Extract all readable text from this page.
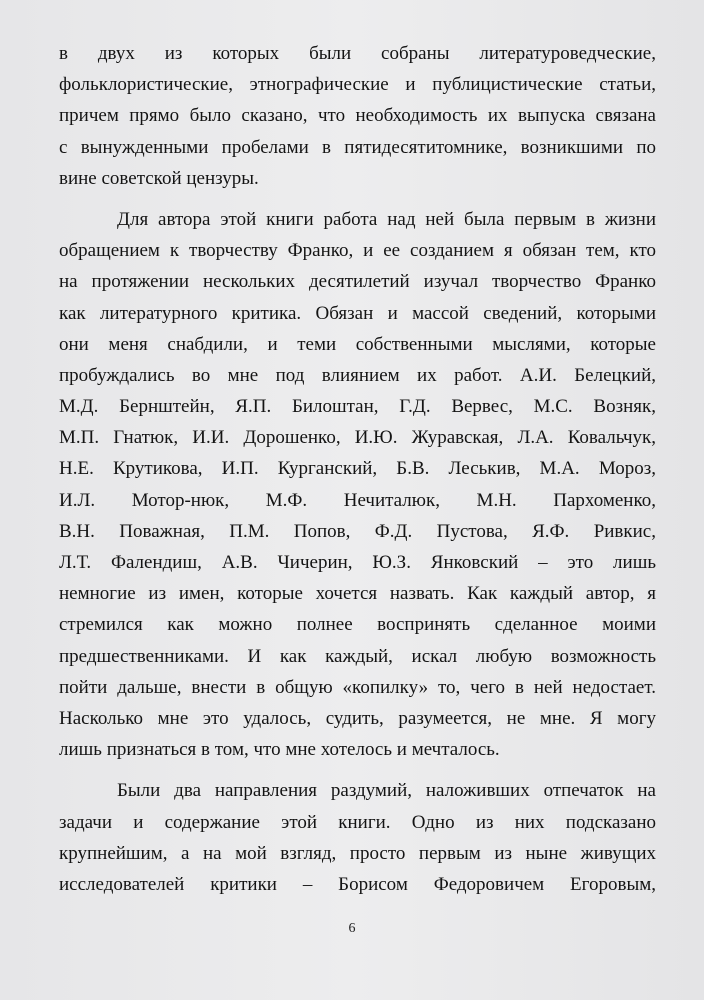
в двух из которых были собраны литературоведческие,
фольклористические, этнографические и публицистические статьи,
причем прямо было сказано, что необходимость их выпуска связана
с вынужденными пробелами в пятидесятитомнике, возникшими по
вине советской цензуры.
Для автора этой книги работа над ней была первым в жизни
обращением к творчеству Франко, и ее созданием я обязан тем, кто
на протяжении нескольких десятилетий изучал творчество Франко
как литературного критика. Обязан и массой сведений, которыми
они меня снабдили, и теми собственными мыслями, которые
пробуждались во мне под влиянием их работ. А.И. Белецкий,
М.Д. Бернштейн, Я.П. Билоштан, Г.Д. Вервес, М.С. Возняк,
М.П. Гнатюк, И.И. Дорошенко, И.Ю. Журавская, Л.А. Ковальчук,
Н.Е. Крутикова, И.П. Курганский, Б.В. Леськив, М.А. Мороз,
И.Л. Мотор-нюк, М.Ф. Нечиталюк, М.Н. Пархоменко,
В.Н. Поважная, П.М. Попов, Ф.Д. Пустова, Я.Ф. Ривкис,
Л.Т. Фалендиш, А.В. Чичерин, Ю.З. Янковский – это лишь
немногие из имен, которые хочется назвать. Как каждый автор, я
стремился как можно полнее воспринять сделанное моими
предшественниками. И как каждый, искал любую возможность
пойти дальше, внести в общую «копилку» то, чего в ней недостает.
Насколько мне это удалось, судить, разумеется, не мне. Я могу
лишь признаться в том, что мне хотелось и мечталось.
Были два направления раздумий, наложивших отпечаток на
задачи и содержание этой книги. Одно из них подсказано
крупнейшим, а на мой взгляд, просто первым из ныне живущих
исследователей критики – Борисом Федоровичем Егоровым,
6
